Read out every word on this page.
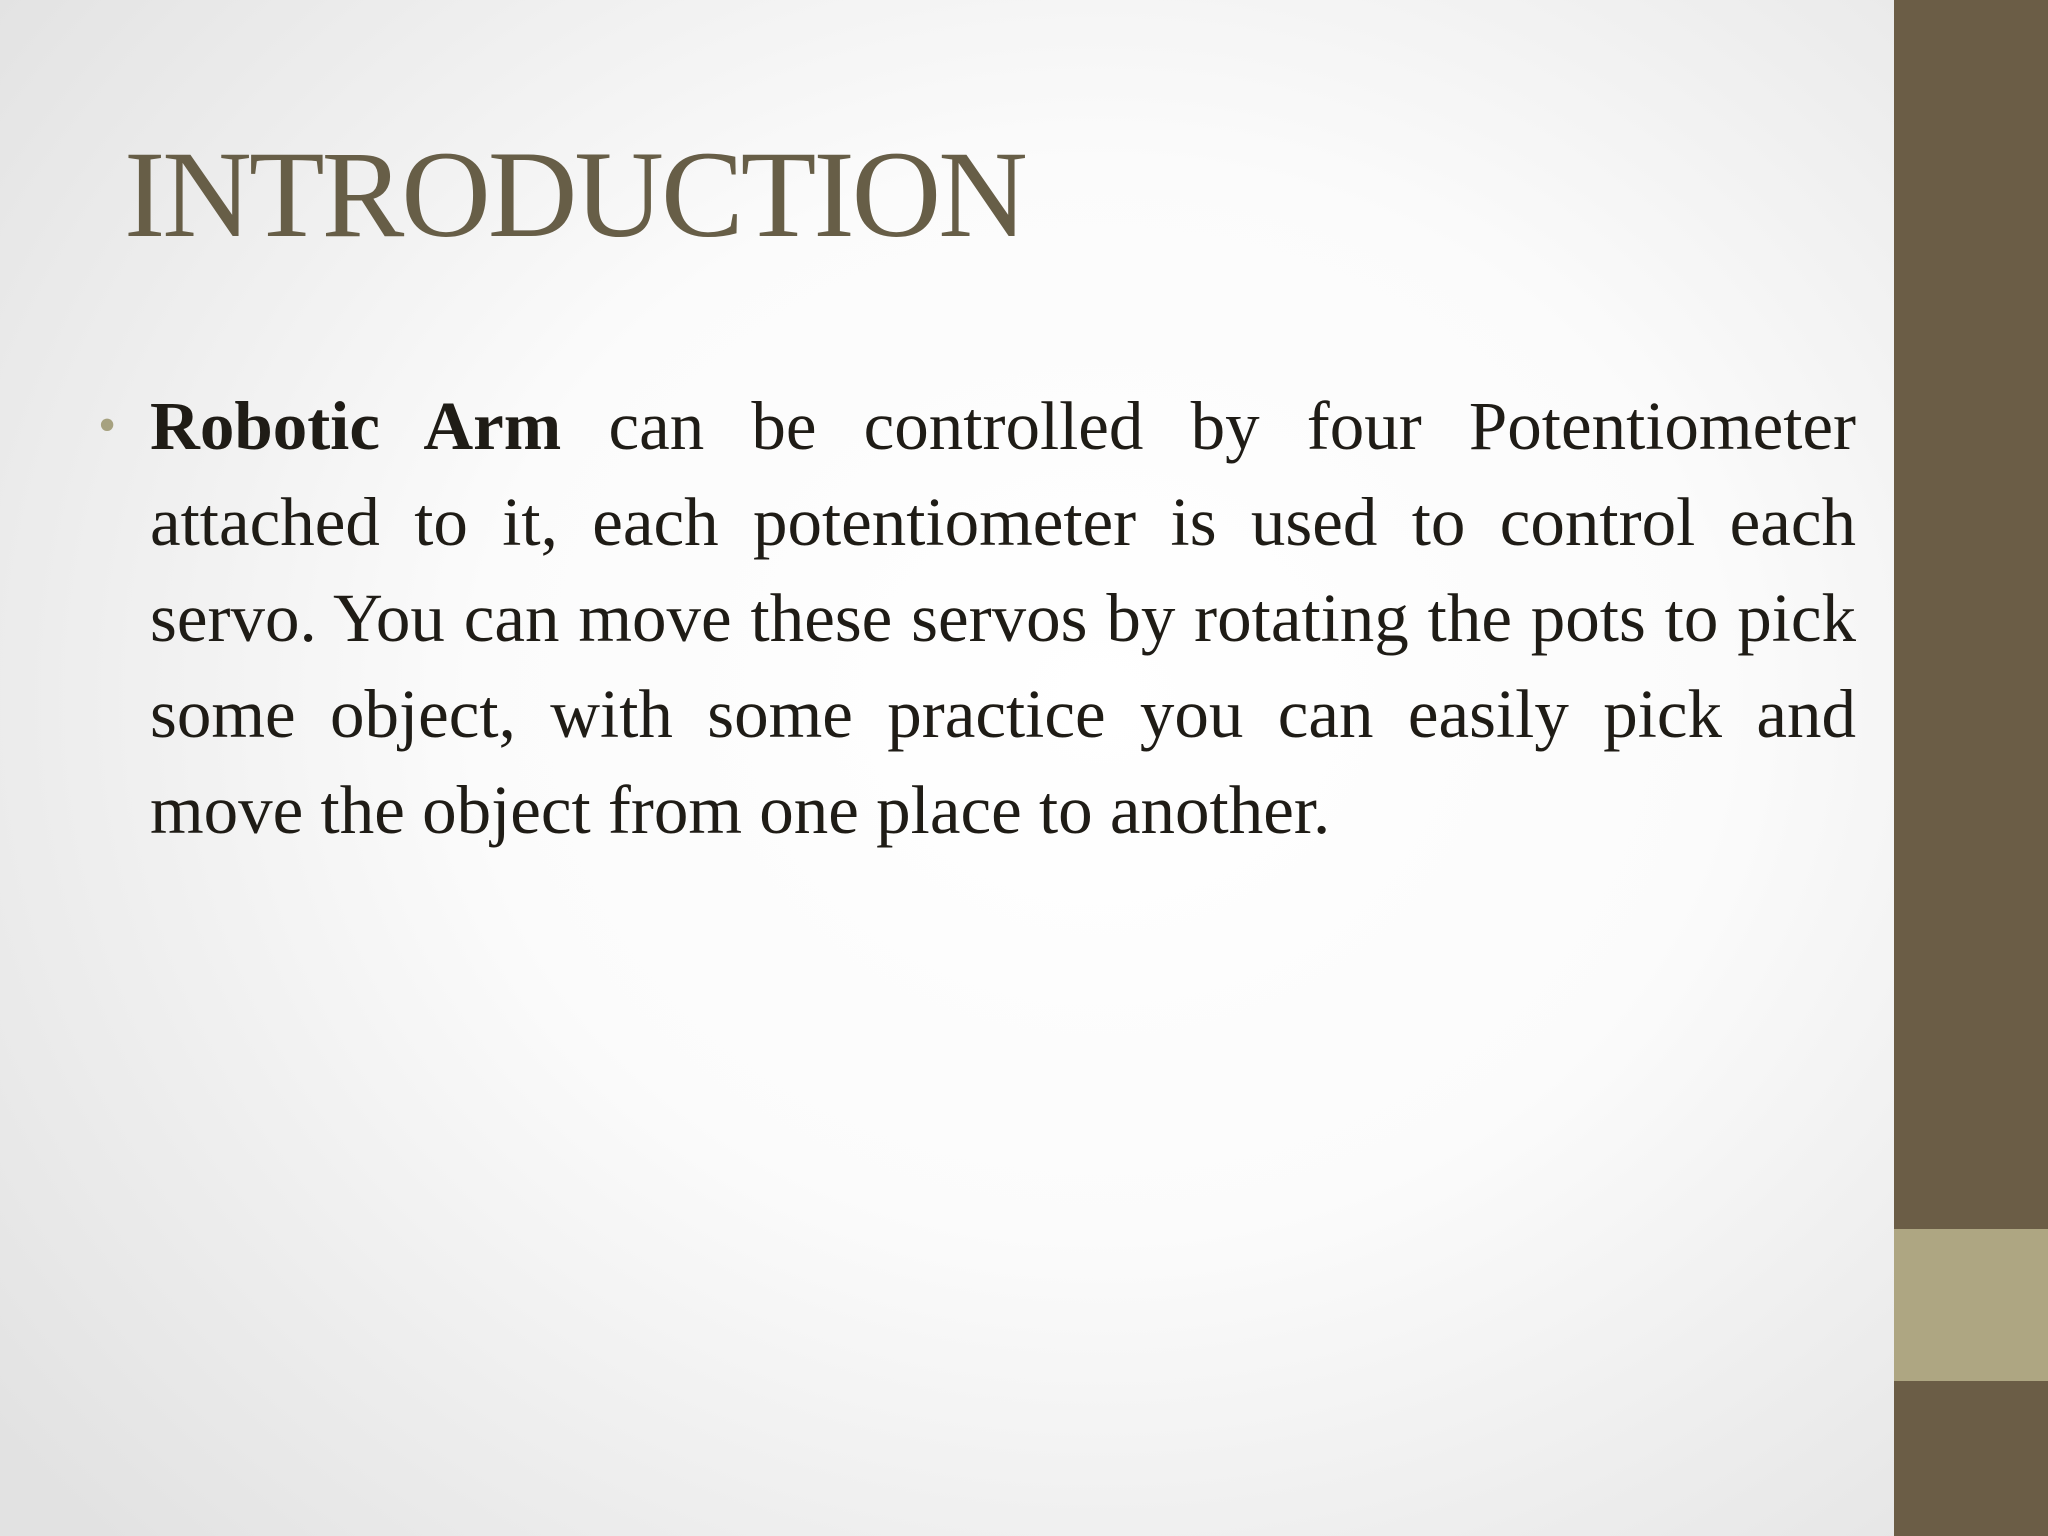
INTRODUCTION
• Robotic Arm can be controlled by four Potentiometer attached to it, each potentiometer is used to control each servo. You can move these servos by rotating the pots to pick some object, with some practice you can easily pick and move the object from one place to another.
